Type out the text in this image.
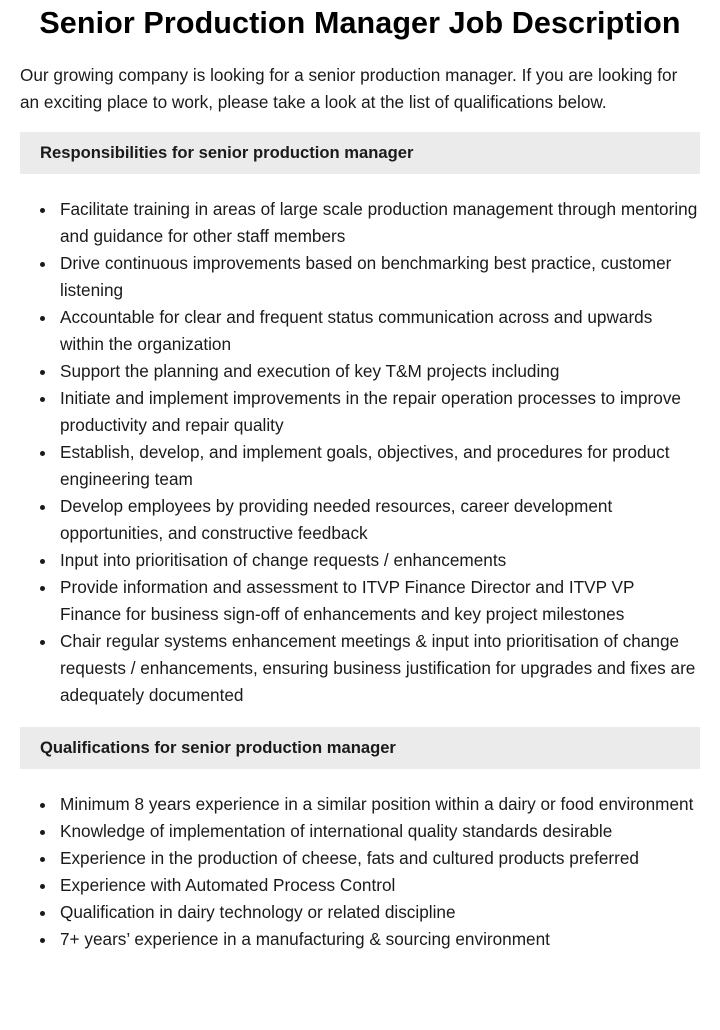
Senior Production Manager Job Description

Our growing company is looking for a senior production manager. If you are looking for an exciting place to work, please take a look at the list of qualifications below.

Responsibilities for senior production manager
Facilitate training in areas of large scale production management through mentoring and guidance for other staff members
Drive continuous improvements based on benchmarking best practice, customer listening
Accountable for clear and frequent status communication across and upwards within the organization
Support the planning and execution of key T&M projects including
Initiate and implement improvements in the repair operation processes to improve productivity and repair quality
Establish, develop, and implement goals, objectives, and procedures for product engineering team
Develop employees by providing needed resources, career development opportunities, and constructive feedback
Input into prioritisation of change requests / enhancements
Provide information and assessment to ITVP Finance Director and ITVP VP Finance for business sign-off of enhancements and key project milestones
Chair regular systems enhancement meetings & input into prioritisation of change requests / enhancements, ensuring business justification for upgrades and fixes are adequately documented
Qualifications for senior production manager
Minimum 8 years experience in a similar position within a dairy or food environment
Knowledge of implementation of international quality standards desirable
Experience in the production of cheese, fats and cultured products preferred
Experience with Automated Process Control
Qualification in dairy technology or related discipline
7+ years’ experience in a manufacturing & sourcing environment
